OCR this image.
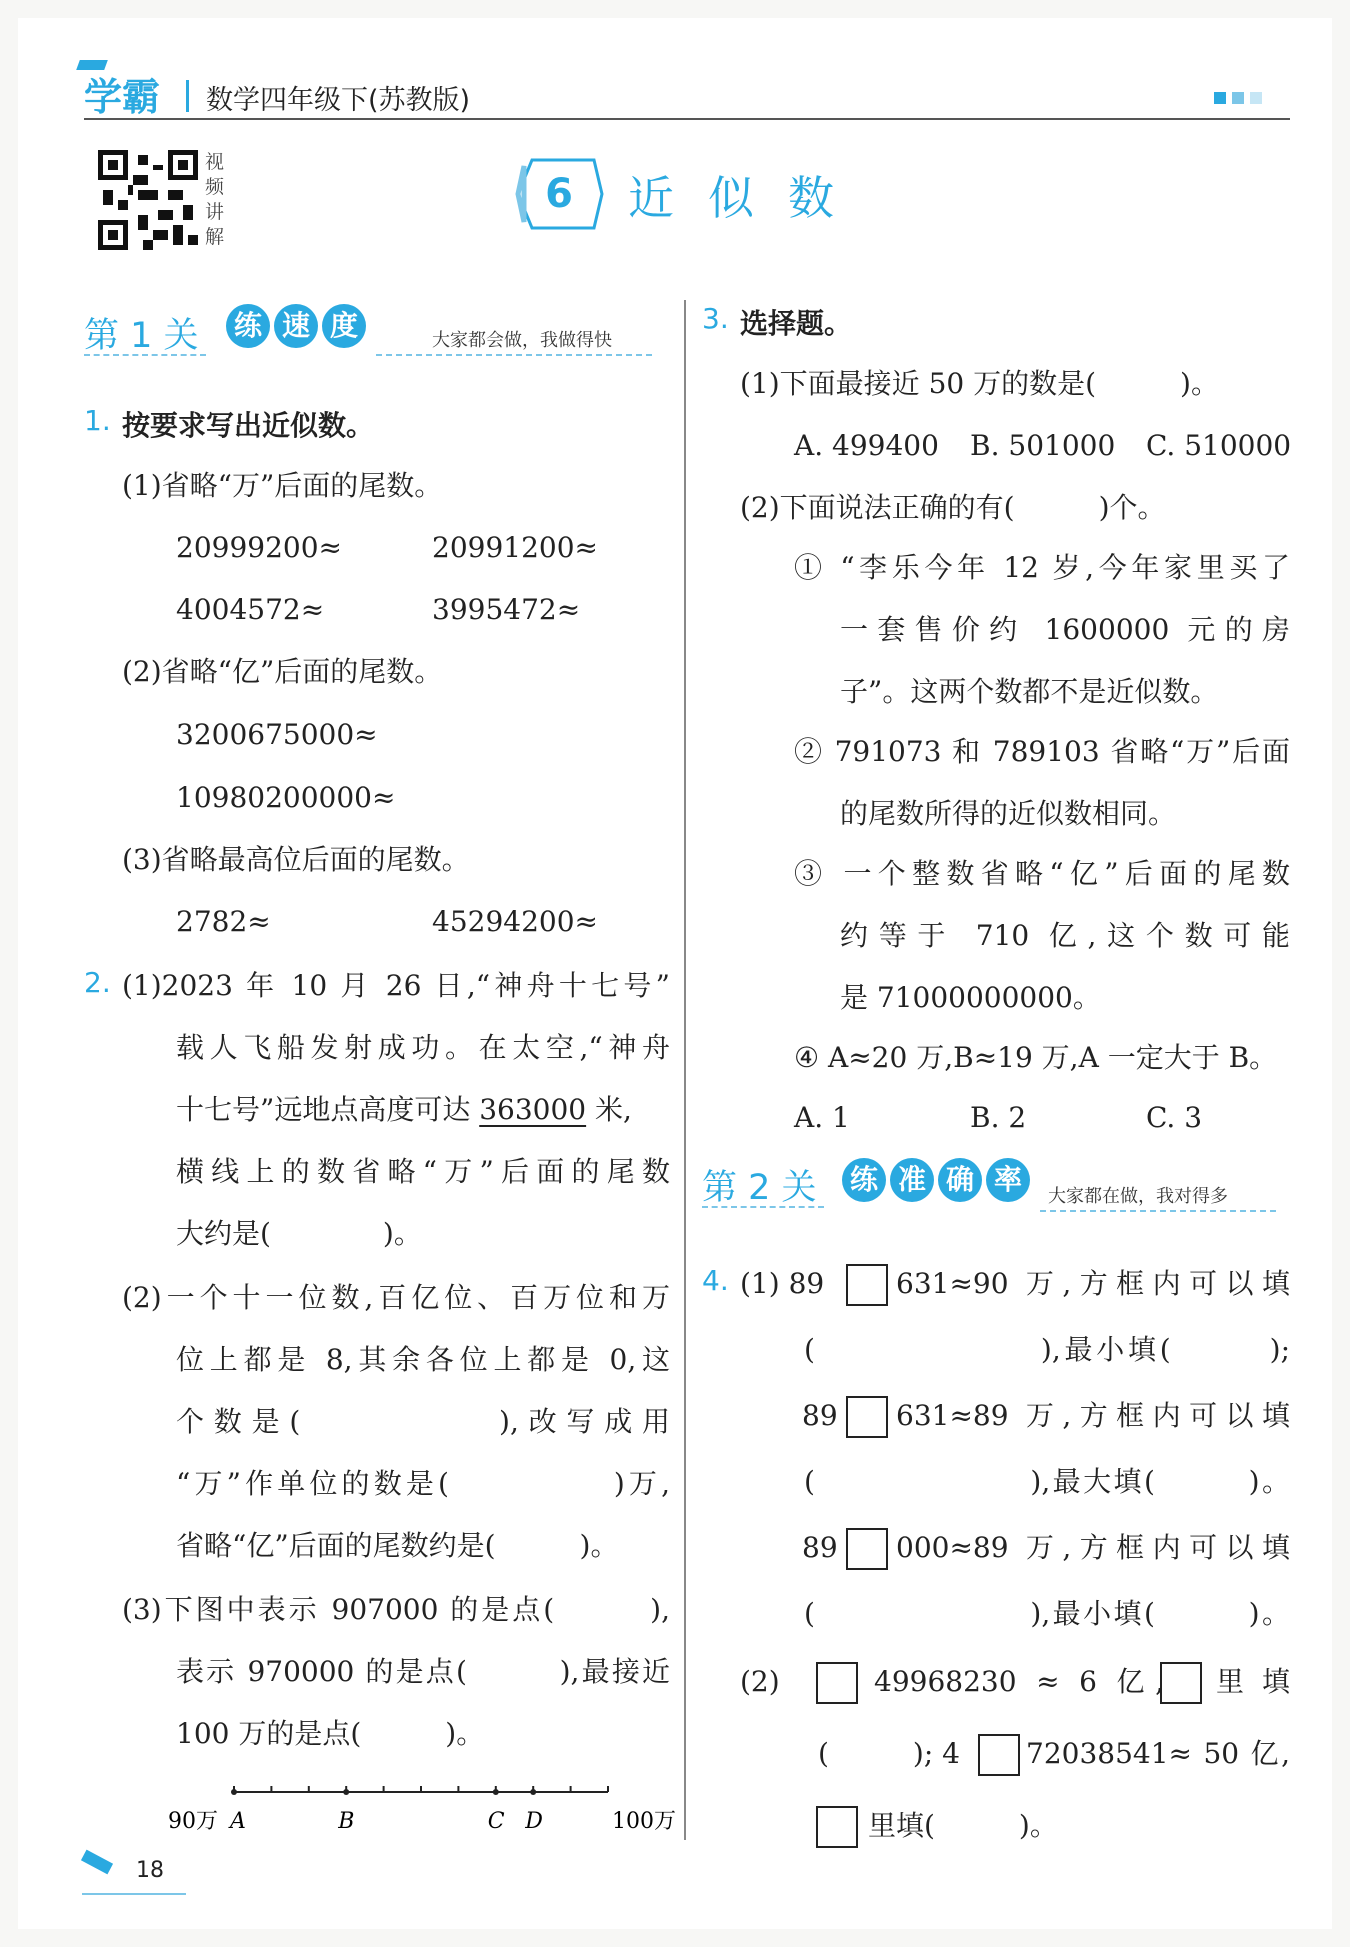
学霸 数学四年级下(苏教版)
视
频
讲
解
6	近似数
第 1 关 练 速 度	大家都会做，我做得快
1. 按要求写出近似数。
(1)省略“万”后面的尾数。
20999200≈	20991200≈
4004572≈	3995472≈
(2)省略“亿”后面的尾数。
3200675000≈
10980200000≈
(3)省略最高位后面的尾数。
2782≈	45294200≈
2. (1)2023 年 10 月 26 日,“神舟十七号”
载人飞船发射成功。在太空,“神舟
十七号”远地点高度可达 363000 米,
横线上的数省略“万”后面的尾数
大约是(　　　　)。
(2)一个十一位数,百亿位、百万位和万
位上都是 8,其余各位上都是 0,这
个数是(　　　　　),改写成用
“万”作单位的数是(　　　　　)万,
省略“亿”后面的尾数约是(　　　)。
(3)下图中表示 907000 的是点(　　　),
表示 970000 的是点(　　　),最接近
100 万的是点(　　　)。
A	B	C D
90万	100万
3. 选择题。
(1)下面最接近 50 万的数是(　　　)。
A. 499400 B. 501000 C. 510000
(2)下面说法正确的有(　　　)个。
① “李乐今年 12 岁,今年家里买了
一套售价约 1600000 元的房
子”。这两个数都不是近似数。
② 791073 和 789103 省略“万”后面
的尾数所得的近似数相同。
③ 一个整数省略“亿”后面的尾数
约等于 710 亿,这个数可能
是 71000000000。
④ A≈20 万,B≈19 万,A 一定大于 B。
A. 1	B. 2	C. 3
第 2 关 练 准 确 率
大家都在做，我对得多
4. (1) 89	631≈90 万,方框内可以填
(　　　　　　　),最小填(　　　);
89 631≈89 万,方框内可以填
(　　　　　　　),最大填(　　　)。
89 000≈89 万,方框内可以填
(　　　　　　　),最小填(　　　)。
(2)	49968230 ≈ 6 亿, 里 填
(　　　); 4 72038541≈ 50 亿,
里填(　　　)。
18
